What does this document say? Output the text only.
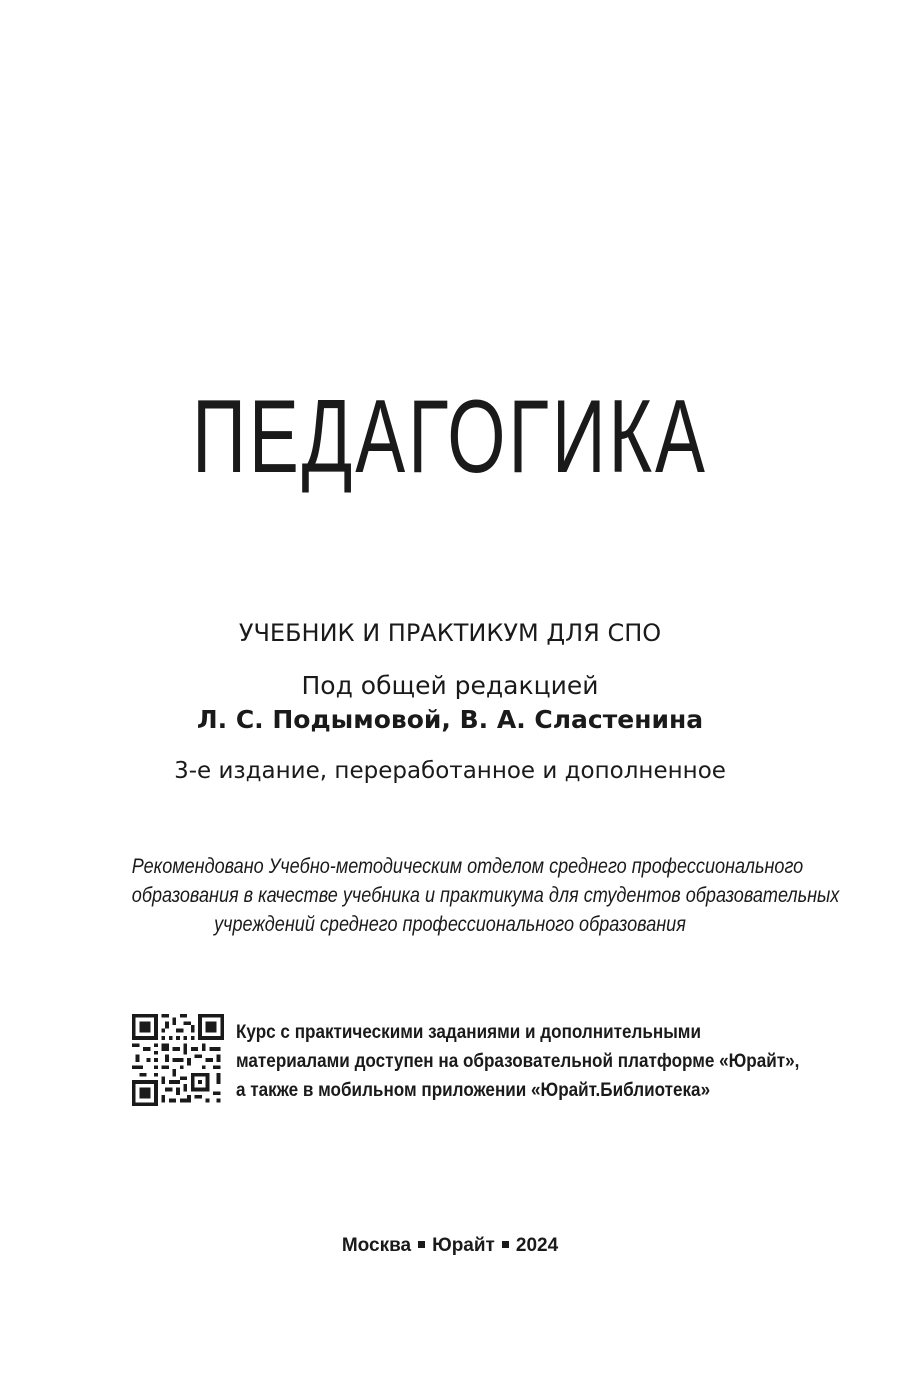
ПЕДАГОГИКА
УЧЕБНИК И ПРАКТИКУМ ДЛЯ СПО
Под общей редакцией
Л. С. Подымовой, В. А. Сластенина
3-е издание, переработанное и дополненное
Рекомендовано Учебно-методическим отделом среднего профессионального
образования в качестве учебника и практикума для студентов образовательных
учреждений среднего профессионального образования
Курс с практическими заданиями и дополнительными
материалами доступен на образовательной платформе «Юрайт»,
а также в мобильном приложении «Юрайт.Библиотека»
Москва Юрайт 2024
